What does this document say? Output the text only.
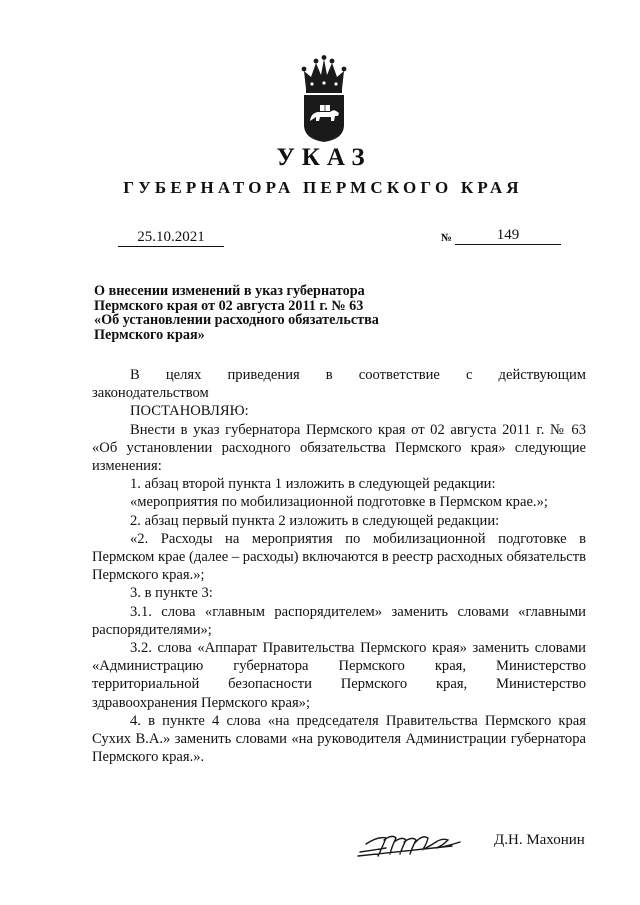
УКАЗ
ГУБЕРНАТОРА ПЕРМСКОГО КРАЯ
25.10.2021	№	149
О внесении изменений в указ губернатора
Пермского края от 02 августа 2011 г. № 63
«Об установлении расходного обязательства
Пермского края»

В целях приведения в соответствие с действующим

законодательством

ПОСТАНОВЛЯЮ:

Внести в указ губернатора Пермского края от 02 августа 2011 г. № 63 «Об установлении расходного обязательства Пермского края» следующие изменения:

1. абзац второй пункта 1 изложить в следующей редакции:

«мероприятия по мобилизационной подготовке в Пермском крае.»;

2. абзац первый пункта 2 изложить в следующей редакции:

«2. Расходы на мероприятия по мобилизационной подготовке в Пермском крае (далее – расходы) включаются в реестр расходных обязательств Пермского края.»;

3. в пункте 3:

3.1. слова «главным распорядителем» заменить словами «главными распорядителями»;

3.2. слова «Аппарат Правительства Пермского края» заменить словами «Администрацию губернатора Пермского края, Министерство территориальной безопасности Пермского края, Министерство здравоохранения Пермского края»;

4. в пункте 4 слова «на председателя Правительства Пермского края Сухих В.А.» заменить словами «на руководителя Администрации губернатора Пермского края.».

Д.Н. Махонин
